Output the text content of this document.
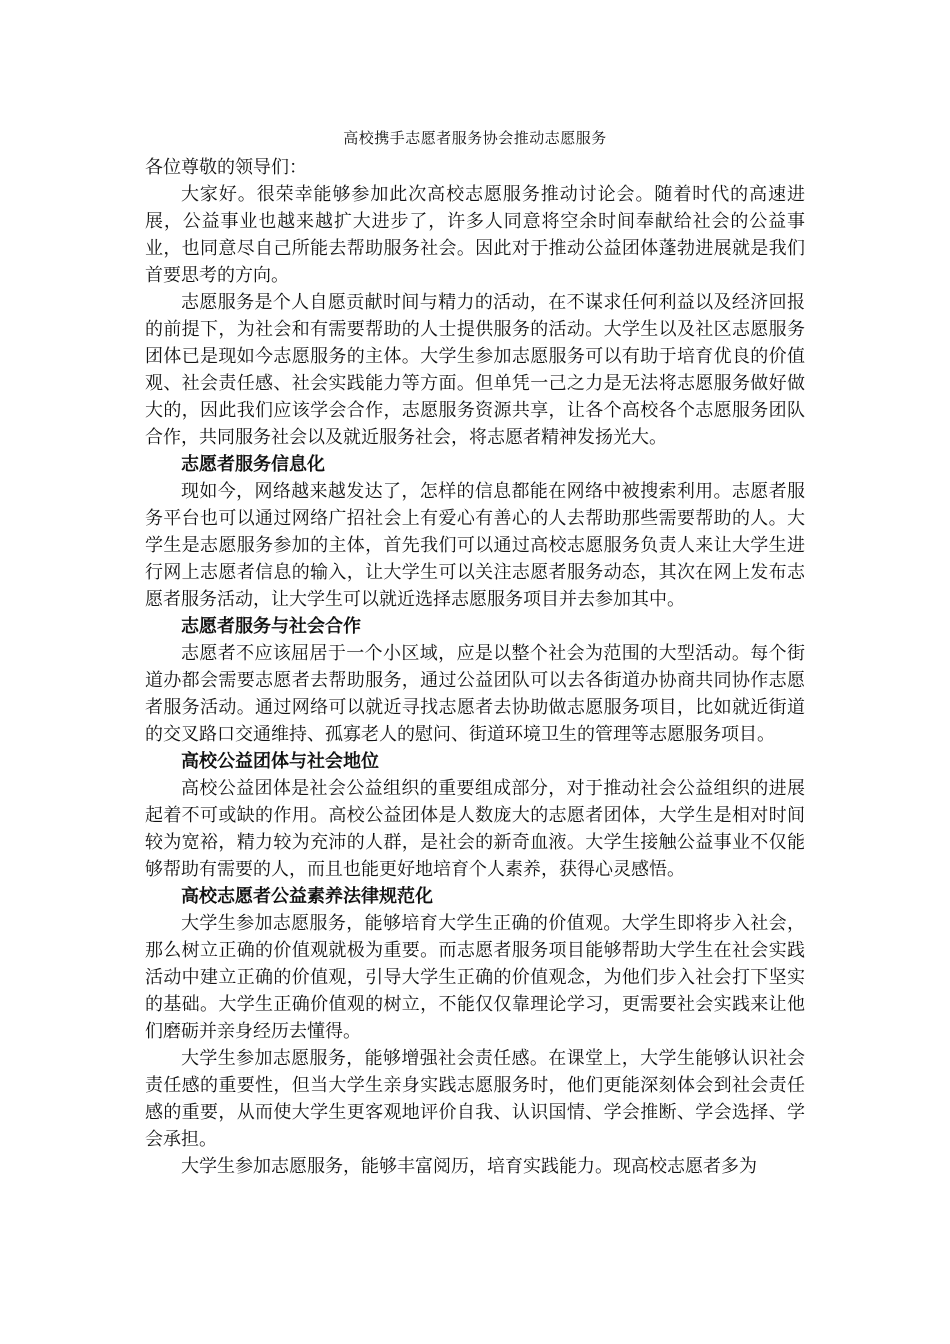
高校携手志愿者服务协会推动志愿服务

各位尊敬的领导们：

大家好。很荣幸能够参加此次高校志愿服务推动讨论会。随着时代的高速进展，公益事业也越来越扩大进步了，许多人同意将空余时间奉献给社会的公益事业，也同意尽自己所能去帮助服务社会。因此对于推动公益团体蓬勃进展就是我们首要思考的方向。

志愿服务是个人自愿贡献时间与精力的活动，在不谋求任何利益以及经济回报的前提下，为社会和有需要帮助的人士提供服务的活动。大学生以及社区志愿服务团体已是现如今志愿服务的主体。大学生参加志愿服务可以有助于培育优良的价值观、社会责任感、社会实践能力等方面。但单凭一己之力是无法将志愿服务做好做大的，因此我们应该学会合作，志愿服务资源共享，让各个高校各个志愿服务团队合作，共同服务社会以及就近服务社会，将志愿者精神发扬光大。

志愿者服务信息化

现如今，网络越来越发达了，怎样的信息都能在网络中被搜索利用。志愿者服务平台也可以通过网络广招社会上有爱心有善心的人去帮助那些需要帮助的人。大学生是志愿服务参加的主体，首先我们可以通过高校志愿服务负责人来让大学生进行网上志愿者信息的输入，让大学生可以关注志愿者服务动态，其次在网上发布志愿者服务活动，让大学生可以就近选择志愿服务项目并去参加其中。

志愿者服务与社会合作

志愿者不应该屈居于一个小区域，应是以整个社会为范围的大型活动。每个街道办都会需要志愿者去帮助服务，通过公益团队可以去各街道办协商共同协作志愿者服务活动。通过网络可以就近寻找志愿者去协助做志愿服务项目，比如就近街道的交叉路口交通维持、孤寡老人的慰问、街道环境卫生的管理等志愿服务项目。

高校公益团体与社会地位

高校公益团体是社会公益组织的重要组成部分，对于推动社会公益组织的进展起着不可或缺的作用。高校公益团体是人数庞大的志愿者团体，大学生是相对时间较为宽裕，精力较为充沛的人群，是社会的新奇血液。大学生接触公益事业不仅能够帮助有需要的人，而且也能更好地培育个人素养，获得心灵感悟。

高校志愿者公益素养法律规范化

大学生参加志愿服务，能够培育大学生正确的价值观。大学生即将步入社会，那么树立正确的价值观就极为重要。而志愿者服务项目能够帮助大学生在社会实践活动中建立正确的价值观，引导大学生正确的价值观念，为他们步入社会打下坚实的基础。大学生正确价值观的树立，不能仅仅靠理论学习，更需要社会实践来让他们磨砺并亲身经历去懂得。

大学生参加志愿服务，能够增强社会责任感。在课堂上，大学生能够认识社会责任感的重要性，但当大学生亲身实践志愿服务时，他们更能深刻体会到社会责任感的重要，从而使大学生更客观地评价自我、认识国情、学会推断、学会选择、学会承担。

大学生参加志愿服务，能够丰富阅历，培育实践能力。现高校志愿者多为
